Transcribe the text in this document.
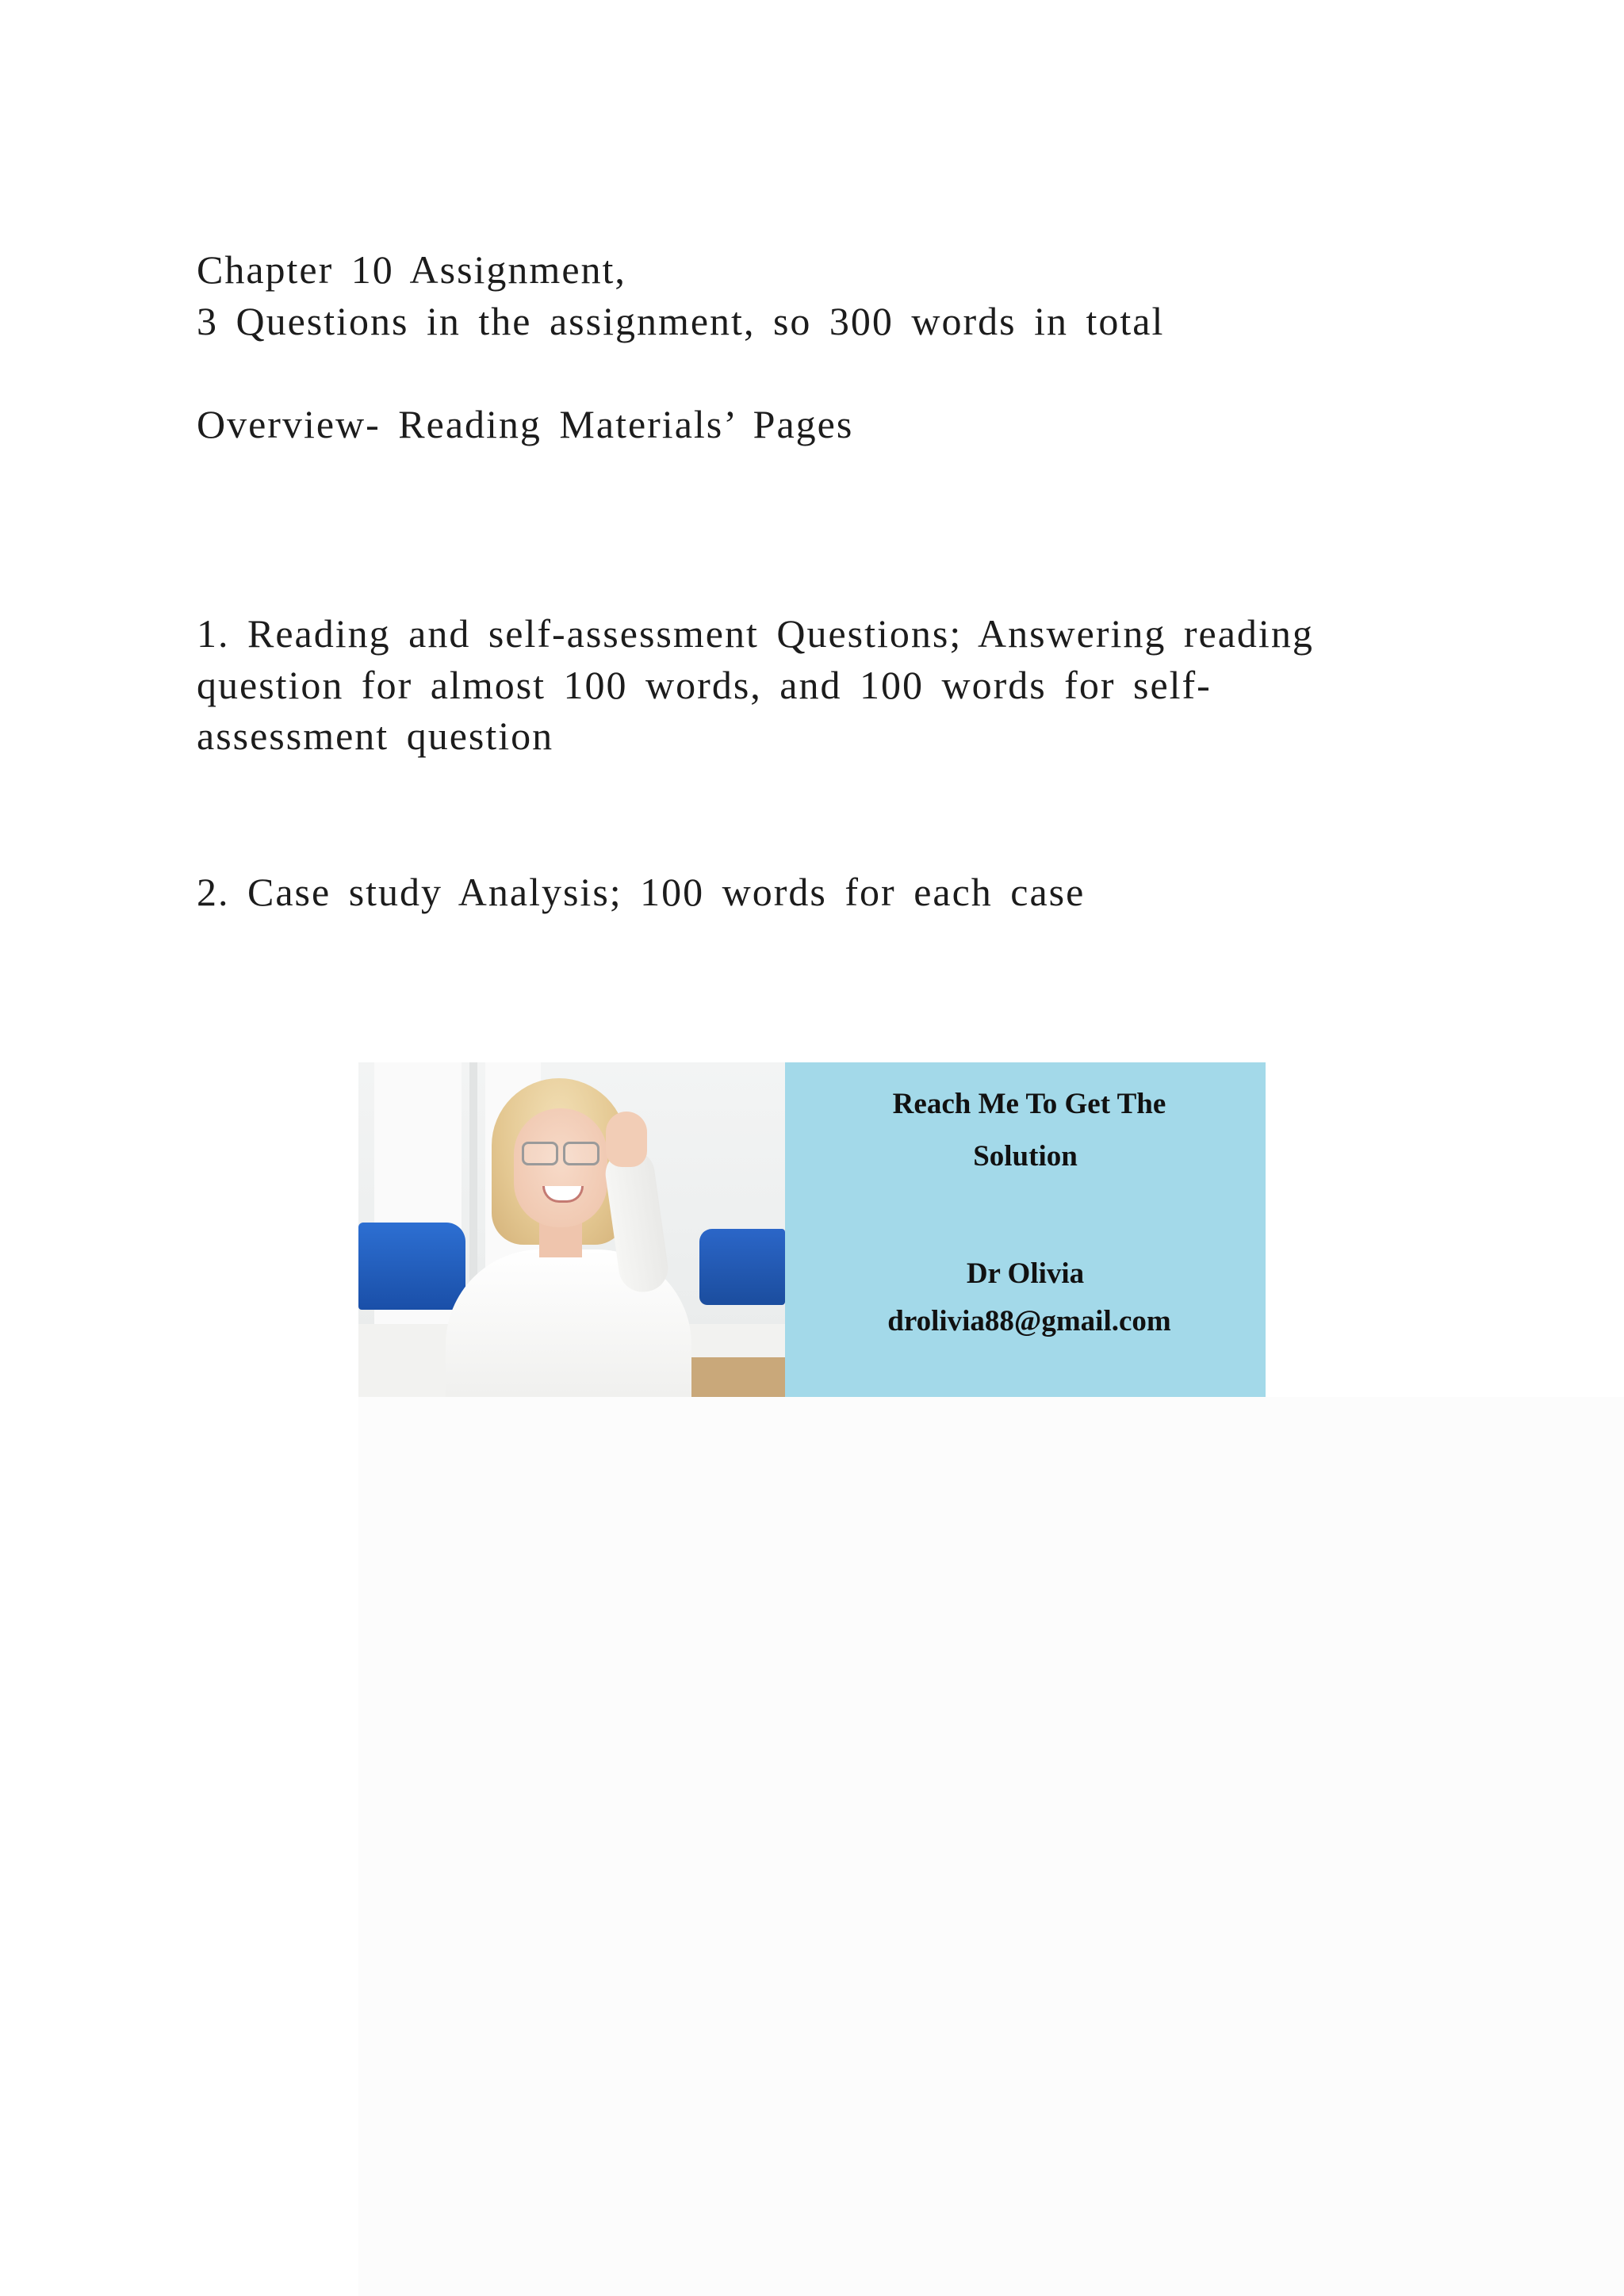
Chapter 10 Assignment,
3 Questions in the assignment, so 300 words in total
Overview- Reading Materials’ Pages
1. Reading and self-assessment Questions; Answering reading
question for almost 100 words, and 100 words for self-
assessment question
2. Case study Analysis; 100 words for each case
Reach Me To Get The
Solution
Dr Olivia
drolivia88@gmail.com
